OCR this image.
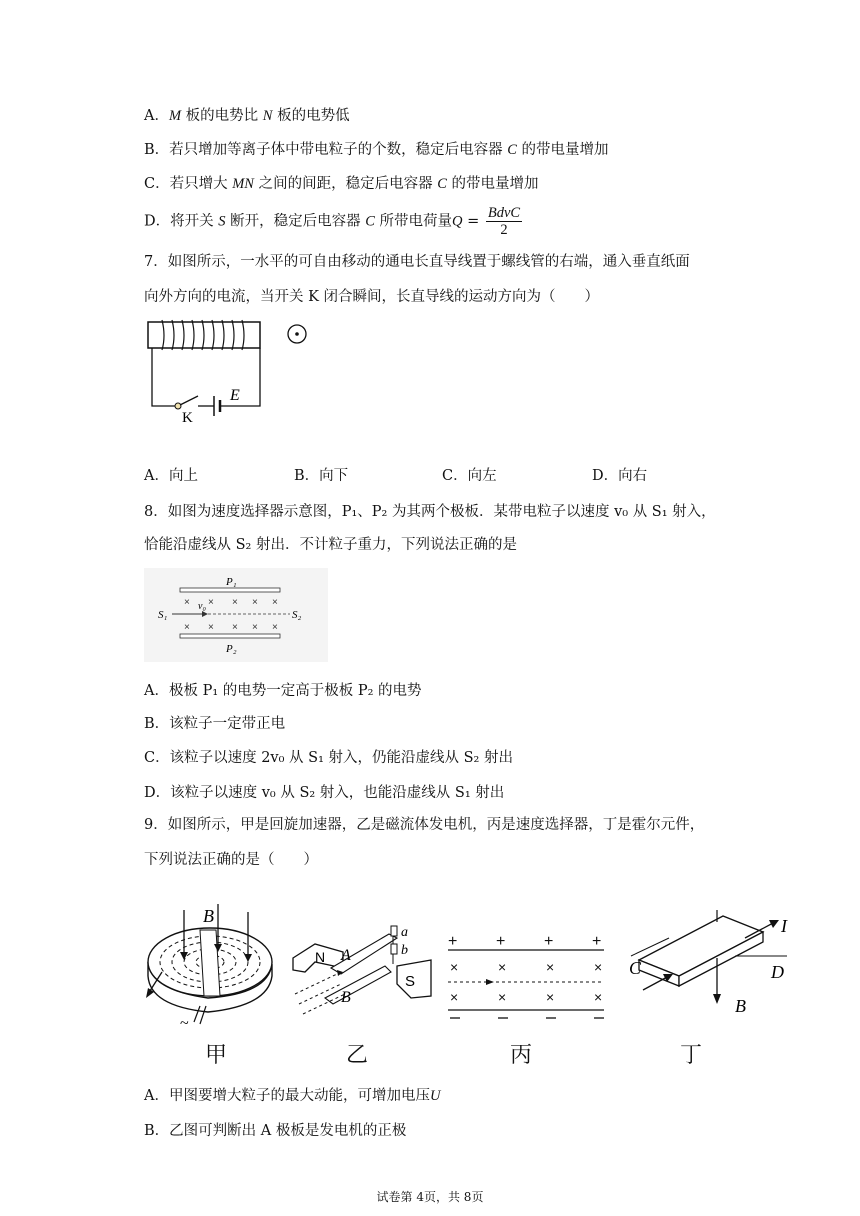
A．M 板的电势比 N 板的电势低
B．若只增加等离子体中带电粒子的个数，稳定后电容器 C 的带电量增加
C．若只增大 MN 之间的间距，稳定后电容器 C 的带电量增加
D．将开关 S 断开，稳定后电容器 C 所带电荷量$Q = \frac{\text{BdvC}}{2}$
7．如图所示，一水平的可自由移动的通电长直导线置于螺线管的右端，通入垂直纸面
向外方向的电流，当开关 K 闭合瞬间，长直导线的运动方向为（　　）
K
E
A．向上	B．向下	C．向左	D．向右
8．如图为速度选择器示意图，P₁、P₂ 为其两个极板．某带电粒子以速度 v₀ 从 S₁ 射入，
恰能沿虚线从 S₂ 射出．不计粒子重力，下列说法正确的是
P₁
× × × × ×
v₀
S₁	S₂
× × × × ×
P₂
A．极板 P₁ 的电势一定高于极板 P₂ 的电势
B．该粒子一定带正电
C．该粒子以速度 2v₀ 从 S₁ 射入，仍能沿虚线从 S₂ 射出
D．该粒子以速度 v₀ 从 S₂ 射入，也能沿虚线从 S₁ 射出
9．如图所示，甲是回旋加速器，乙是磁流体发电机，丙是速度选择器，丁是霍尔元件，
下列说法正确的是（　　）
B
~
N A
B
a
b
S
+ + + +
×	×	×	×
×	×	×	×
I
C	D
B
甲	乙	丙	丁
A．甲图要增大粒子的最大动能，可增加电压U
B．乙图可判断出 A 极板是发电机的正极
试卷第 4页，共 8页
